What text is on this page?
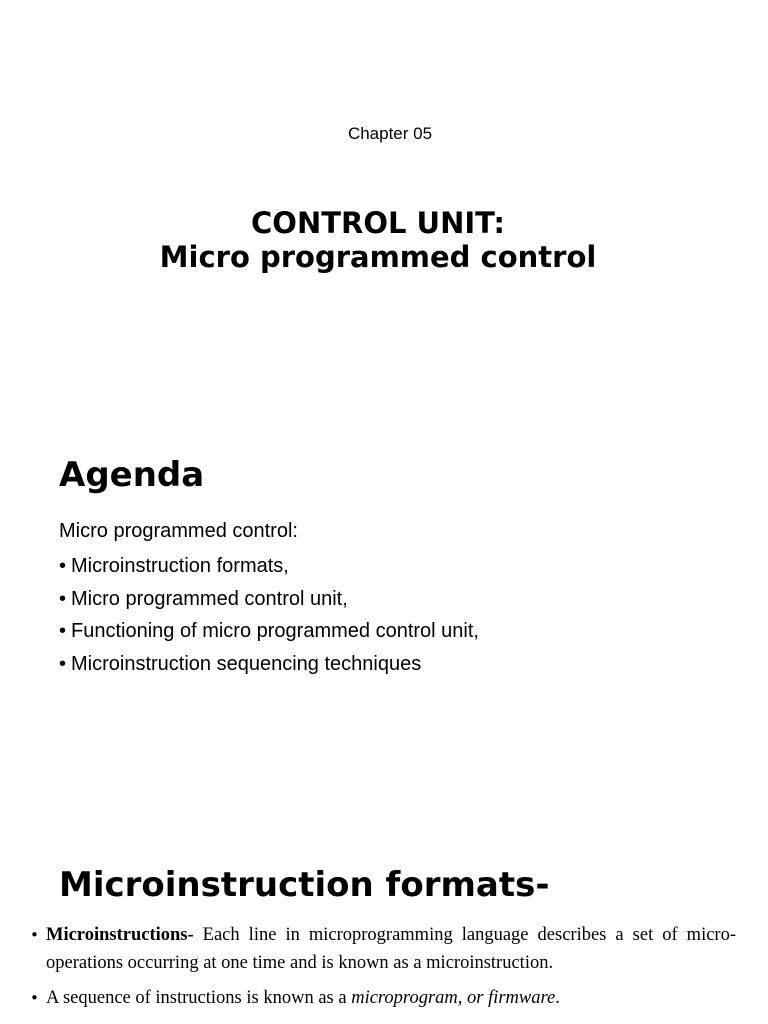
Chapter 05
CONTROL UNIT:
Micro programmed control
Agenda
Micro programmed control:
• Microinstruction formats,
• Micro programmed control unit,
• Functioning of micro programmed control unit,
• Microinstruction sequencing techniques
Microinstruction formats-
• Microinstructions- Each line in microprogramming language describes a set of micro-operations occurring at one time and is known as a microinstruction.
• A sequence of instructions is known as a microprogram, or firmware.
